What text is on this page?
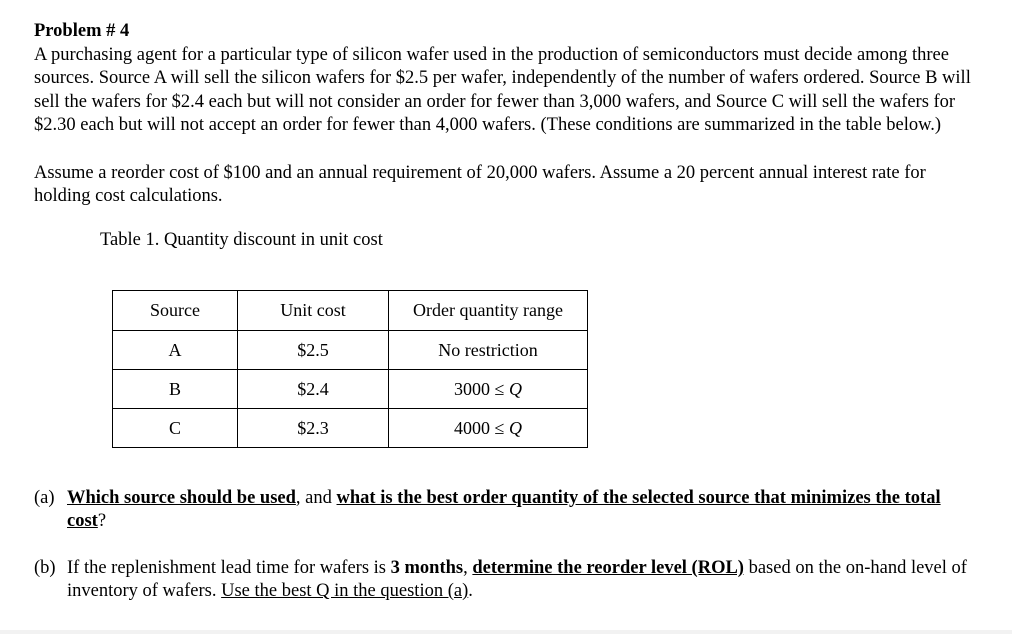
Problem # 4

A purchasing agent for a particular type of silicon wafer used in the production of semiconductors must decide among three sources. Source A will sell the silicon wafers for $2.5 per wafer, independently of the number of wafers ordered. Source B will sell the wafers for $2.4 each but will not consider an order for fewer than 3,000 wafers, and Source C will sell the wafers for $2.30 each but will not accept an order for fewer than 4,000 wafers. (These conditions are summarized in the table below.)

Assume a reorder cost of $100 and an annual requirement of 20,000 wafers. Assume a 20 percent annual interest rate for holding cost calculations.

Table 1. Quantity discount in unit cost

Source	Unit cost	Order quantity range
A	$2.5	No restriction
B	$2.4	3000 ≤ Q
C	$2.3	4000 ≤ Q
(a) Which source should be used, and what is the best order quantity of the selected source that minimizes the total cost?
(b) If the replenishment lead time for wafers is 3 months, determine the reorder level (ROL) based on the on-hand level of inventory of wafers. Use the best Q in the question (a).
